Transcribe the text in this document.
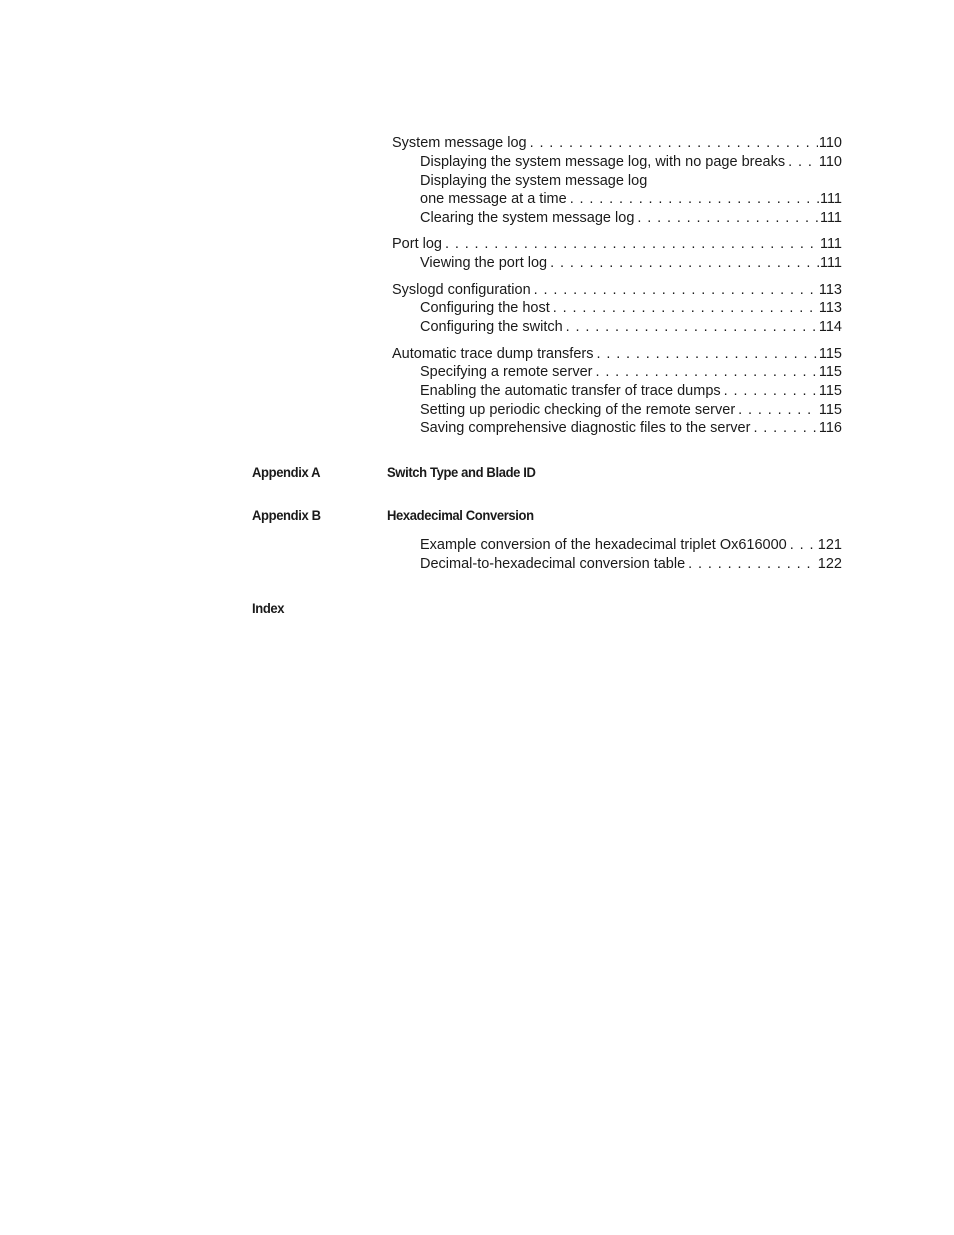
System message log . . .	110
Displaying the system message log, with no page breaks . . . 110
Displaying the system message log
one message at a time . . .	111
Clearing the system message log . . .	111
Port log . . .	111
Viewing the port log . . .	111
Syslogd configuration . . .	113
Configuring the host . . .	113
Configuring the switch . . .	114
Automatic trace dump transfers . . .	115
Specifying a remote server . . .	115
Enabling the automatic transfer of trace dumps . . .	115
Setting up periodic checking of the remote server . . .	115
Saving comprehensive diagnostic files to the server . . .	116
Appendix A	Switch Type and Blade ID
Appendix B	Hexadecimal Conversion
Example conversion of the hexadecimal triplet Ox616000 . . . 121
Decimal-to-hexadecimal conversion table . . .	122
Index
